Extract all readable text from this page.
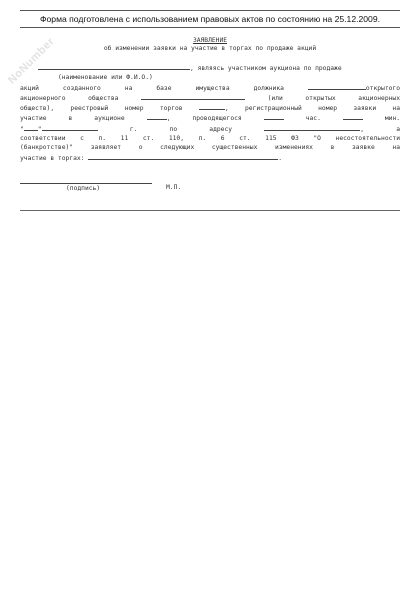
Форма подготовлена с использованием правовых актов по состоянию на 25.12.2009.
NoNumber	ЗАЯВЛЕНИЕ
об изменении заявки на участие в торгах по продаже акций
, являясь участником аукциона по продаже
(наименование или Ф.И.О.)
акций созданного на базе имущества должника	открытого
акционерного общества	(или открытых акционерных
обществ), реестровый номер торгов	, регистрационный номер заявки на
участие в аукционе	, проводящегося	час.	мин.
" "	г. по адресу	, а
соответствии с п. 11 ст. 110, п. 6 ст. 115 ФЗ "О несостоятельности
(банкротстве)" заявляет о следующих существенных изменениях в заявке на
участие в торгах:	.
(подпись)	М.П.
